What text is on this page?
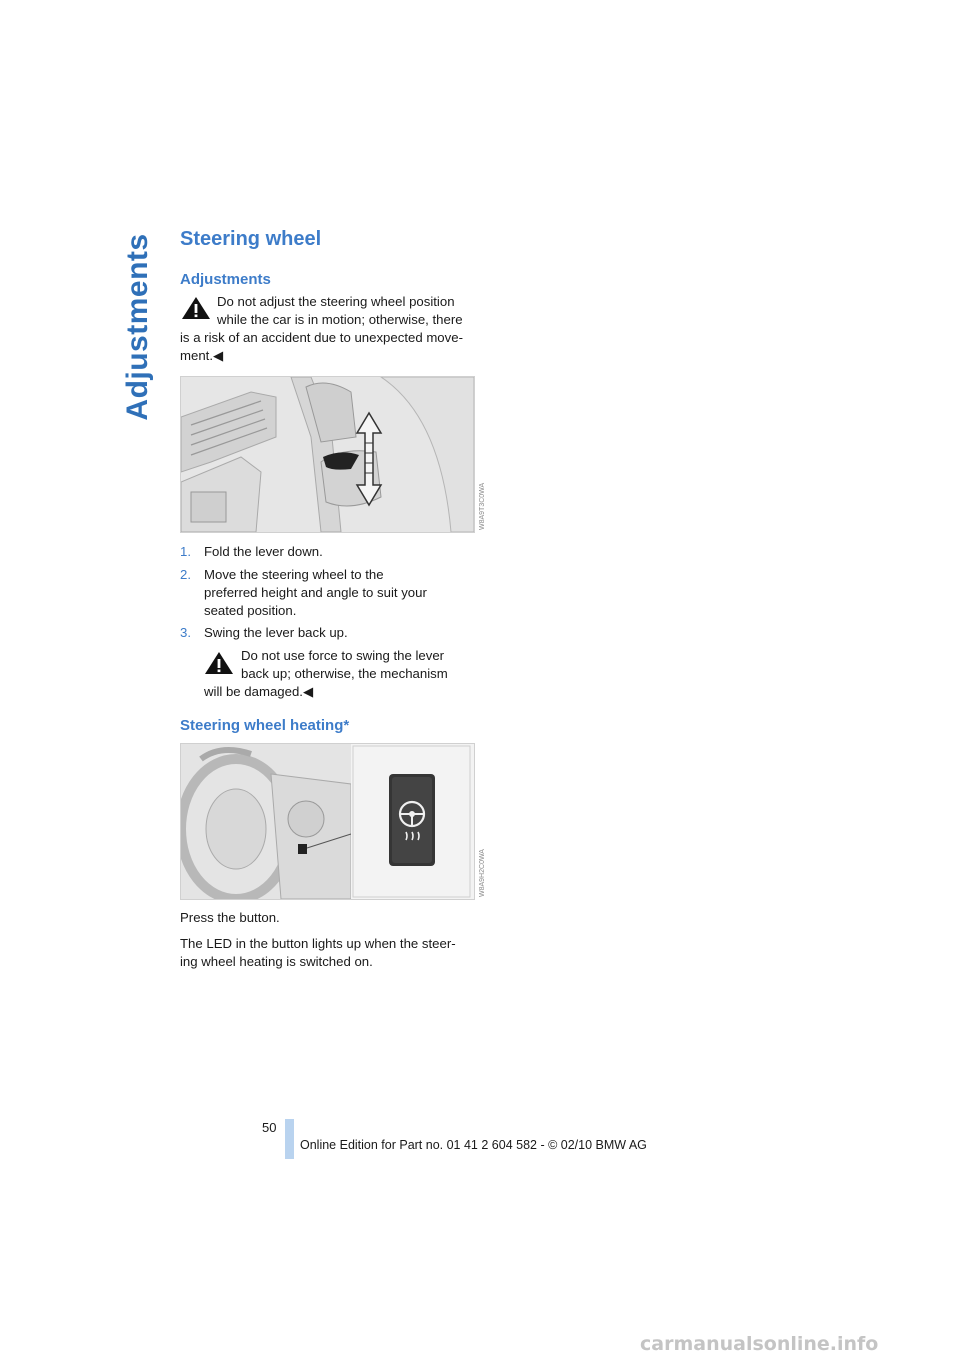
Adjustments Steering wheel
Adjustments

Do not adjust the steering wheel position

while the car is in motion; otherwise, there

is a risk of an accident due to unexpected move-

ment.◀

W8A9T3C0WA

1. Fold the lever down.

2. Move the steering wheel to the

preferred height and angle to suit your

seated position.

3. Swing the lever back up.

Do not use force to swing the lever

back up; otherwise, the mechanism

will be damaged.◀

Steering wheel heating*
W8A9H2C0WA

Press the button.

The LED in the button lights up when the steer-

ing wheel heating is switched on.

50
Online Edition for Part no. 01 41 2 604 582 - © 02/10 BMW AG
carmanualsonline.info
